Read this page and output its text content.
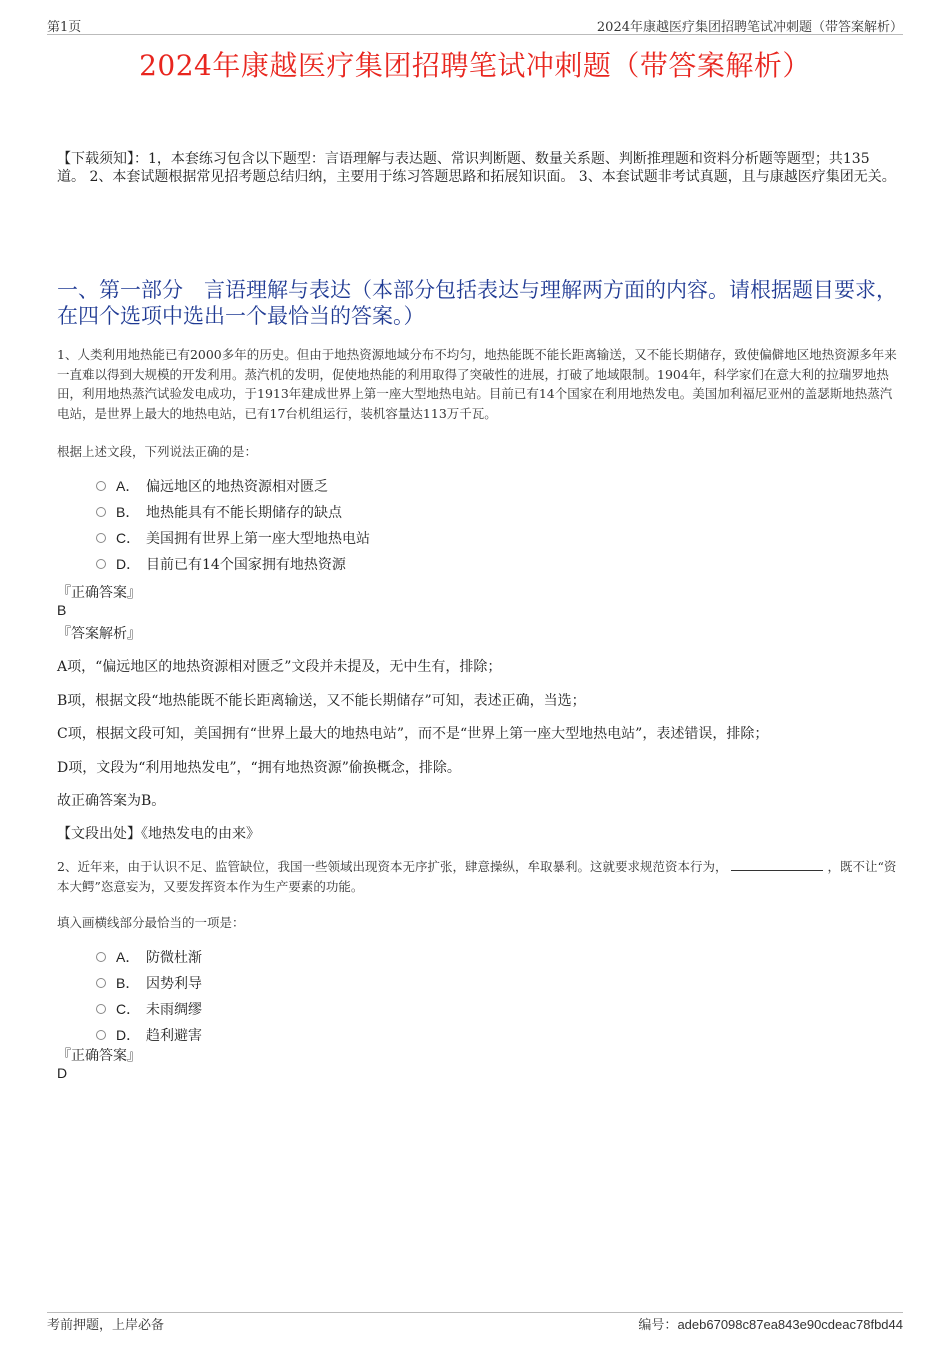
第1页	2024年康越医疗集团招聘笔试冲刺题（带答案解析）
2024年康越医疗集团招聘笔试冲刺题（带答案解析）
【下载须知】：1，本套练习包含以下题型：言语理解与表达题、常识判断题、数量关系题、判断推理题和资料分析题等题型；共135道。 2、本套试题根据常见招考题总结归纳，主要用于练习答题思路和拓展知识面。 3、本套试题非考试真题，且与康越医疗集团无关。
一、第一部分　言语理解与表达（本部分包括表达与理解两方面的内容。请根据题目要求，在四个选项中选出一个最恰当的答案。）
1、人类利用地热能已有2000多年的历史。但由于地热资源地域分布不均匀，地热能既不能长距离输送，又不能长期储存，致使偏僻地区地热资源多年来一直难以得到大规模的开发利用。蒸汽机的发明，促使地热能的利用取得了突破性的进展，打破了地域限制。1904年，科学家们在意大利的拉瑞罗地热田，利用地热蒸汽试验发电成功，于1913年建成世界上第一座大型地热电站。目前已有14个国家在利用地热发电。美国加利福尼亚州的盖瑟斯地热蒸汽电站，是世界上最大的地热电站，已有17台机组运行，装机容量达113万千瓦。
根据上述文段，下列说法正确的是：
A． 偏远地区的地热资源相对匮乏
B． 地热能具有不能长期储存的缺点
C． 美国拥有世界上第一座大型地热电站
D． 目前已有14个国家拥有地热资源
『正确答案』
B
『答案解析』
A项，“偏远地区的地热资源相对匮乏”文段并未提及，无中生有，排除；
B项，根据文段“地热能既不能长距离输送，又不能长期储存”可知，表述正确，当选；
C项，根据文段可知，美国拥有“世界上最大的地热电站”，而不是“世界上第一座大型地热电站”，表述错误，排除；
D项，文段为“利用地热发电”，“拥有地热资源”偷换概念，排除。
故正确答案为B。
【文段出处】《地热发电的由来》
2、近年来，由于认识不足、监管缺位，我国一些领域出现资本无序扩张，肆意操纵，牟取暴利。这就要求规范资本行为，	，既不让“资本大鳄”恣意妄为，又要发挥资本作为生产要素的功能。
填入画横线部分最恰当的一项是：
A． 防微杜渐
B． 因势利导
C． 未雨绸缪
D． 趋利避害
『正确答案』
D
考前押题，上岸必备	编号：adeb67098c87ea843e90cdeac78fbd44
